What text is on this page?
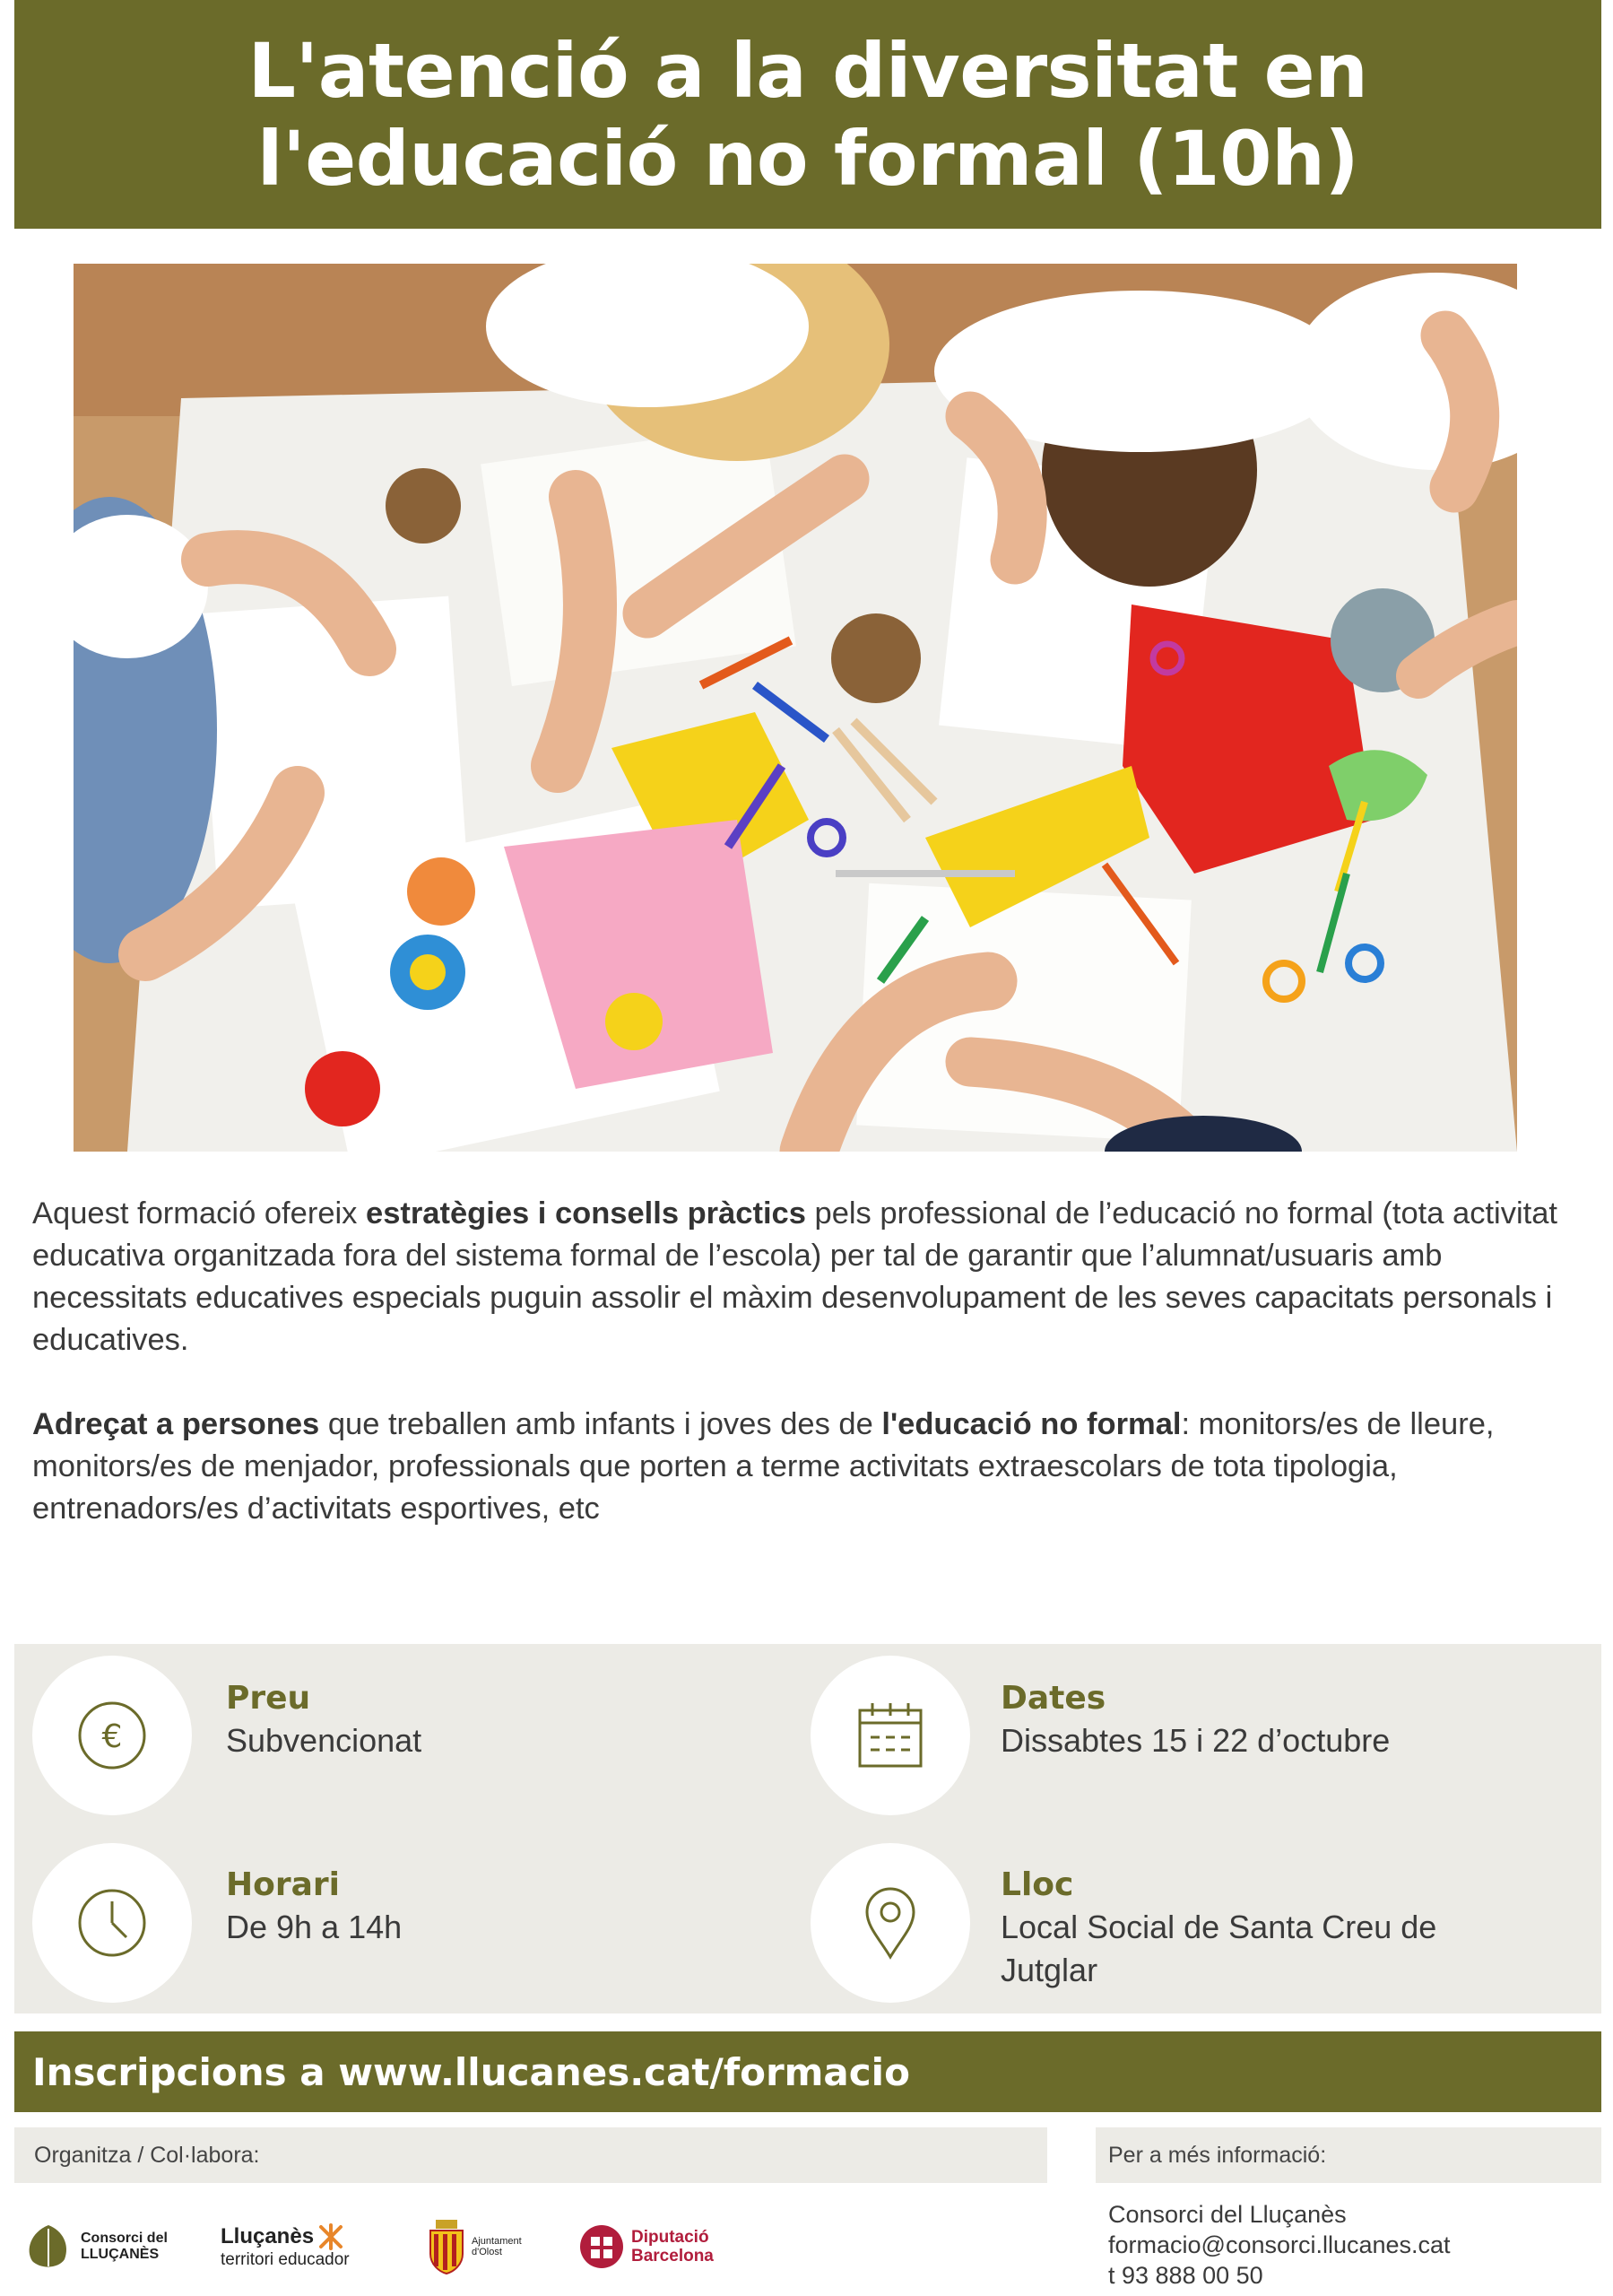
L'atenció a la diversitat en
l'educació no formal (10h)

Aquest formació ofereix estratègies i consells pràctics pels professional de l’educació no formal (tota activitat educativa organitzada fora del sistema formal de l’escola) per tal de garantir que l’alumnat/usuaris amb necessitats educatives especials puguin assolir el màxim desenvolupament de les seves capacitats personals i educatives.

Adreçat a persones que treballen amb infants i joves des de l'educació no formal: monitors/es de lleure, monitors/es de menjador, professionals que porten a terme activitats extraescolars de tota tipologia, entrenadors/es d’activitats esportives, etc

€
Preu
Subvencionat
Dates
Dissabtes 15 i 22 d’octubre
Horari
De 9h a 14h
Lloc
Local Social de Santa Creu de Jutglar
Inscripcions a www.llucanes.cat/formacio
Organitza / Col·labora:	Per a més informació:
Consorci del
LLUÇANÈS
Lluçanès
territori educador
Ajuntament
d'Olost
Diputació
Barcelona
Consorci del Lluçanès
formacio@consorci.llucanes.cat
t 93 888 00 50
